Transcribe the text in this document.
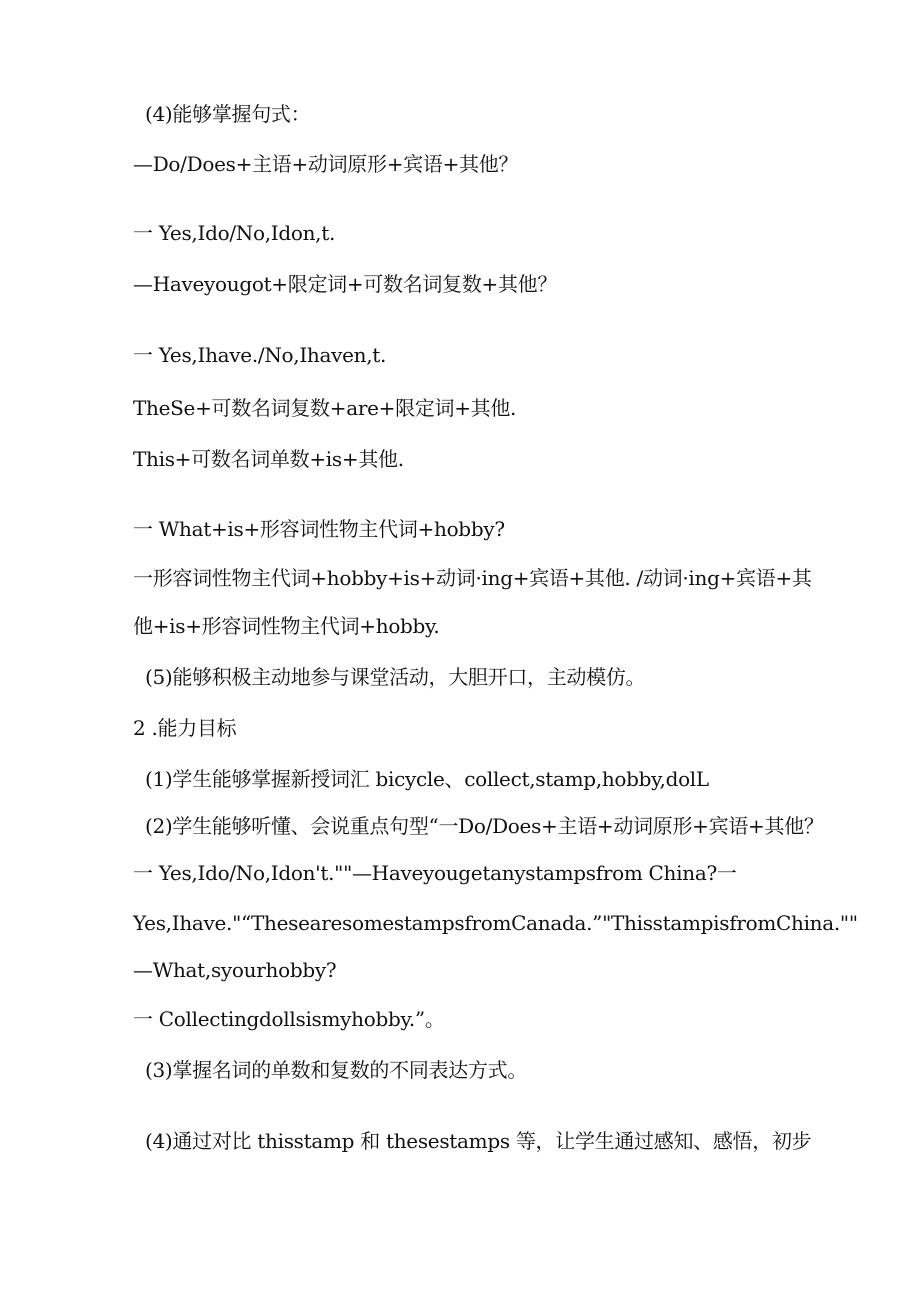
(4)能够掌握句式：
—Do∕Does+主语+动词原形+宾语+其他？
一 Yes,Ido∕No,Idon,t.
—Haveyougot+限定词+可数名词复数+其他？
一 Yes,Ihave./No,Ihaven,t.
TheSe+可数名词复数+are+限定词+其他.
This+可数名词单数+is+其他.
一 What+is+形容词性物主代词+hobby?
一形容词性物主代词+hobby+is+动词·ing+宾语+其他. /动词·ing+宾语+其
他+is+形容词性物主代词+hobby.
(5)能够积极主动地参与课堂活动，大胆开口，主动模仿。
2 .能力目标
(1)学生能够掌握新授词汇 bicycle、collect,stamp,hobby,dolL
(2)学生能够听懂、会说重点句型“一Do∕Does+主语+动词原形+宾语+其他？
一 Yes,Ido∕No,Idon't.""—Haveyougetanystampsfrom China?一
Yes,Ihave."“ThesearesomestampsfromCanada.”"ThisstampisfromChina.""
—What,syourhobby?
一 Collectingdollsismyhobby.”。
(3)掌握名词的单数和复数的不同表达方式。
(4)通过对比 thisstamp 和 thesestamps 等，让学生通过感知、感悟，初步
